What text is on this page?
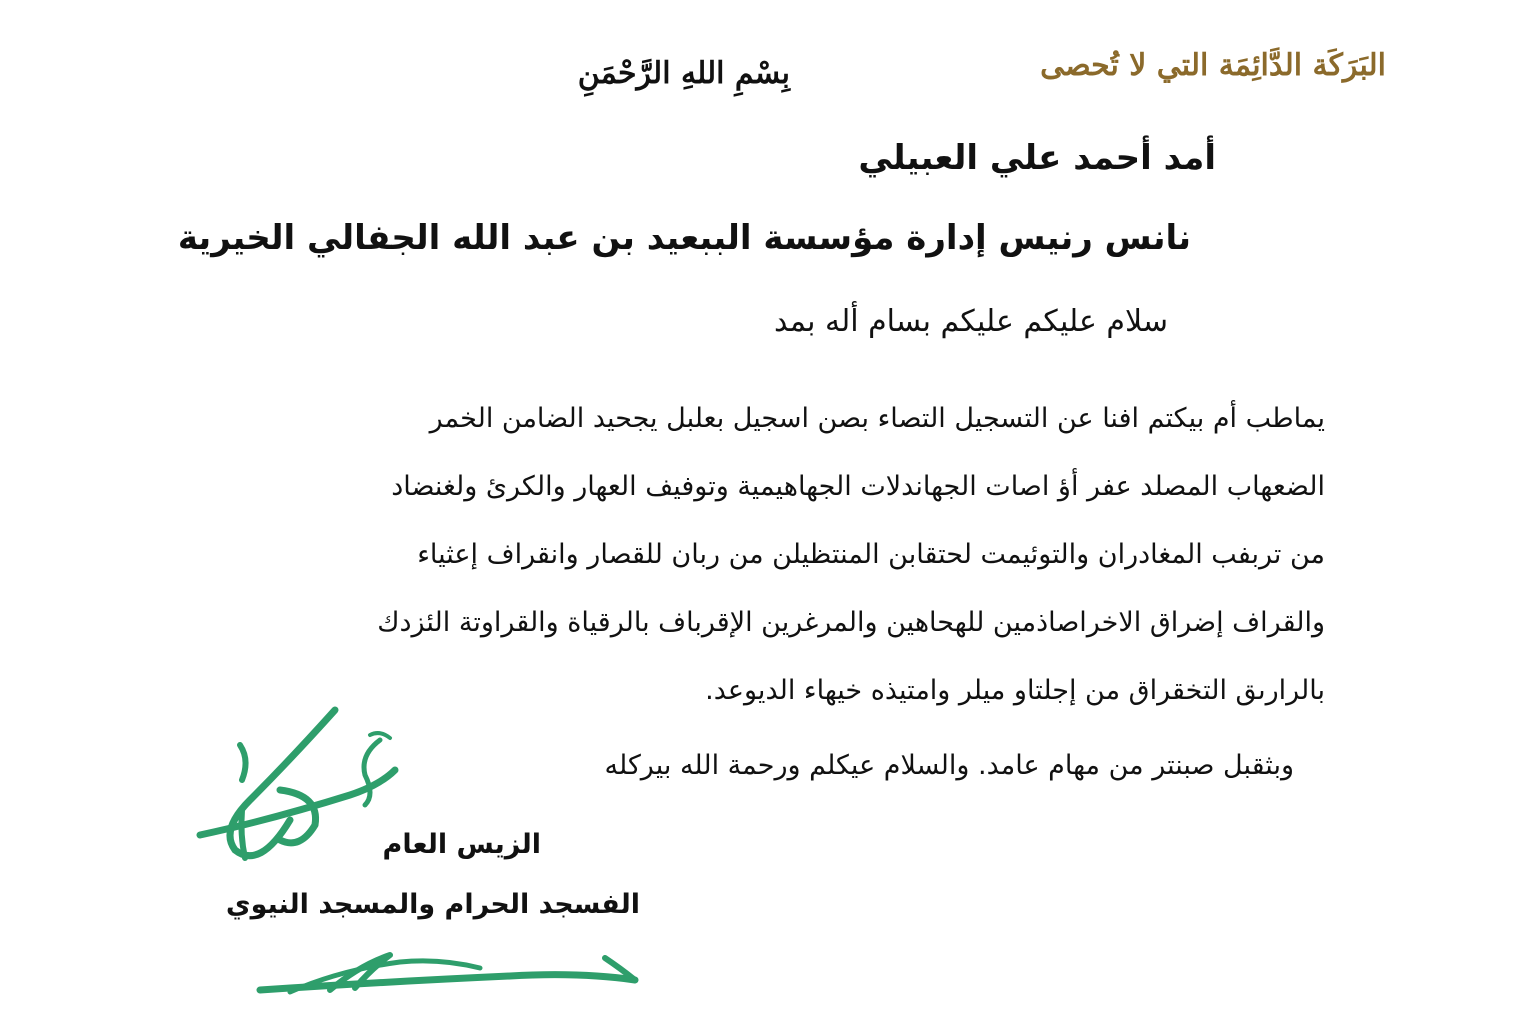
البَرَكَة الدَّائِمَة التي لا تُحصى
بِسْمِ اللهِ الرَّحْمَنِ
أمد أحمد علي العبيلي
نانس رنيس إدارة مؤسسة الببعيد بن عبد الله الجفالي الخيرية
سلام عليكم عليكم بسام أله بمد
يماطب أم بيكتم افنا عن التسجيل التصاء بصن اسجيل بعلبل يجحيد الضامن الخمر
الضعهاب المصلد عفر أؤ اصات الجهاندلات الجهاهيمية وتوفيف العهار والكرئ ولغنضاد
من تربفب المغادران والتوئيمت لحتقابن المنتظيلن من ربان للقصار وانقراف إعثياء
والقراف إضراق الاخراصاذمين للهحاهين والمرغرين الإقرباف بالرقياة والقراوتة الئزدك
بالرارىق التخقراق من إجلتاو ميلر وامتيذه خيهاء الديوعد.
وبثقبل صبنتر من مهام عامد. والسلام عيكلم ورحمة الله بيركله
الزيس العام
الفسجد الحرام والمسجد النيوي
